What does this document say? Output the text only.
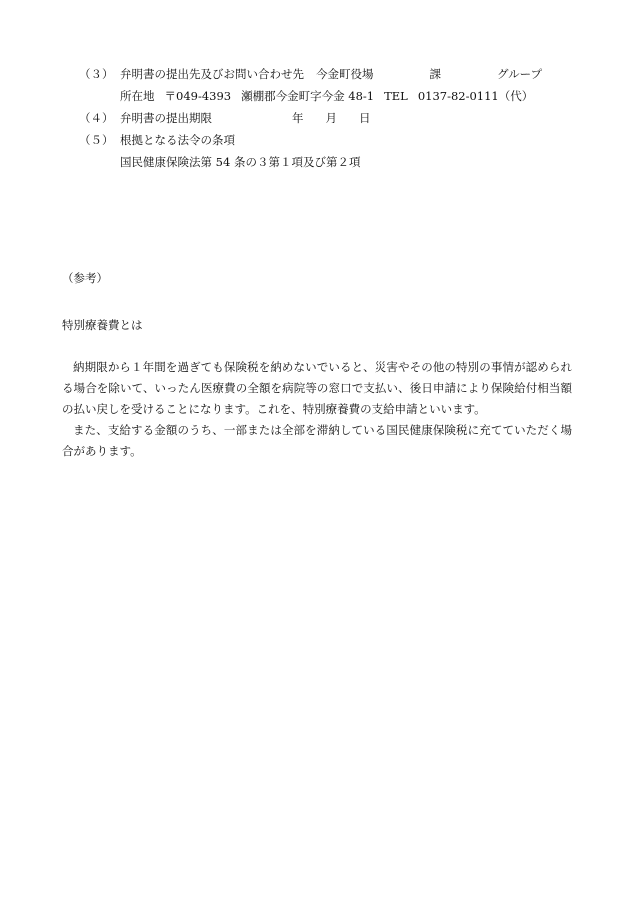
（３） 弁明書の提出先及びお問い合わせ先 今金町役場	課	グループ
所在地 〒049-4393 瀬棚郡今金町字今金 48-1 TEL 0137-82-0111（代）
（４） 弁明書の提出期限	年 月 日
（５） 根拠となる法令の条項
国民健康保険法第 54 条の３第１項及び第２項
（参考）
特別療養費とは
納期限から１年間を過ぎても保険税を納めないでいると、災害やその他の特別の事情が認められる場合を除いて、いったん医療費の全額を病院等の窓口で支払い、後日申請により保険給付相当額の払い戻しを受けることになります。これを、特別療養費の支給申請といいます。
また、支給する金額のうち、一部または全部を滞納している国民健康保険税に充てていただく場合があります。
